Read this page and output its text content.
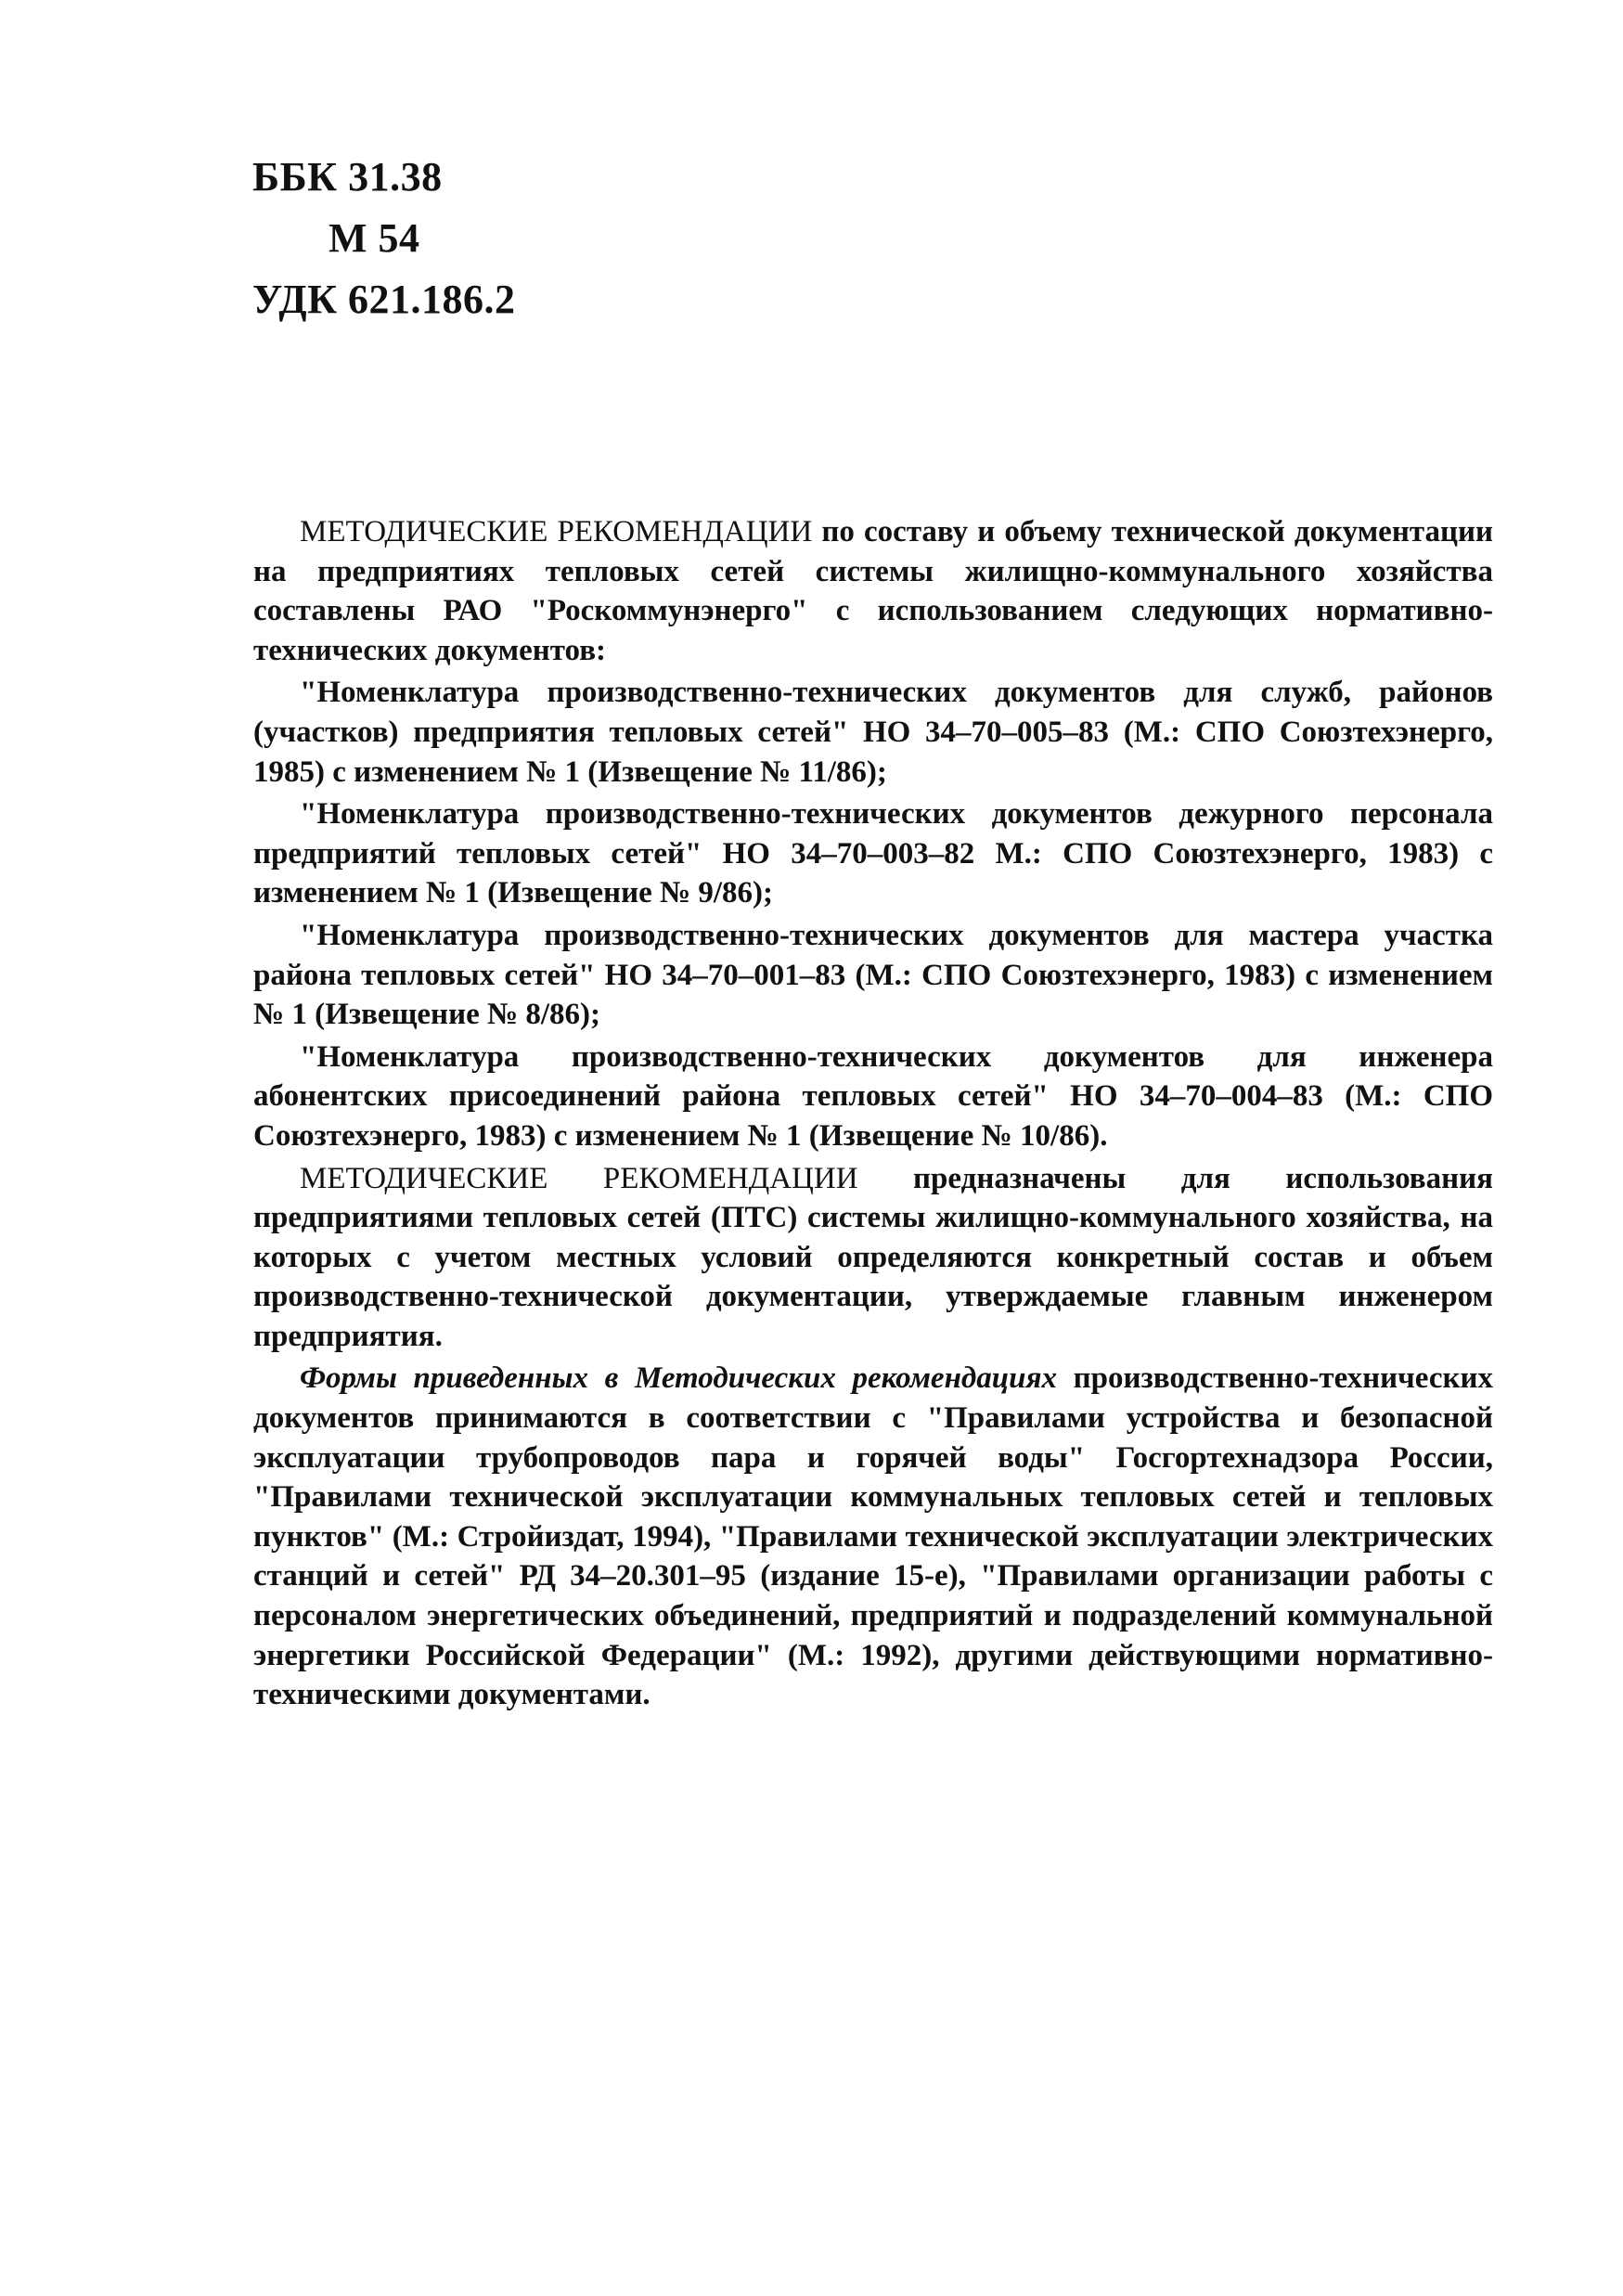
ББК 31.38
М 54
УДК 621.186.2

МЕТОДИЧЕСКИЕ РЕКОМЕНДАЦИИ по составу и объему технической документации на предприятиях тепловых сетей системы жилищно-коммунального хозяйства составлены РАО "Роскоммунэнерго" с использованием следующих нормативно-технических документов:

"Номенклатура производственно-технических документов для служб, районов (участков) предприятия тепловых сетей" НО 34–70–005–83 (М.: СПО Союзтехэнерго, 1985) с изменением № 1 (Извещение № 11/86);

"Номенклатура производственно-технических документов дежурного персонала предприятий тепловых сетей" НО 34–70–003–82 М.: СПО Союзтехэнерго, 1983) с изменением № 1 (Извещение № 9/86);

"Номенклатура производственно-технических документов для мастера участка района тепловых сетей" НО 34–70–001–83 (М.: СПО Союзтехэнерго, 1983) с изменением № 1 (Извещение № 8/86);

"Номенклатура производственно-технических документов для инженера абонентских присоединений района тепловых сетей" НО 34–70–004–83 (М.: СПО Союзтехэнерго, 1983) с изменением № 1 (Извещение № 10/86).

МЕТОДИЧЕСКИЕ РЕКОМЕНДАЦИИ предназначены для использования предприятиями тепловых сетей (ПТС) системы жилищно-коммунального хозяйства, на которых с учетом местных условий определяются конкретный состав и объем производственно-технической документации, утверждаемые главным инженером предприятия.

Формы приведенных в Методических рекомендациях производственно-технических документов принимаются в соответствии с "Правилами устройства и безопасной эксплуатации трубопроводов пара и горячей воды" Госгортехнадзора России, "Правилами технической эксплуатации коммунальных тепловых сетей и тепловых пунктов" (М.: Стройиздат, 1994), "Правилами технической эксплуатации электрических станций и сетей" РД 34–20.301–95 (издание 15-е), "Правилами организации работы с персоналом энергетических объединений, предприятий и подразделений коммунальной энергетики Российской Федерации" (М.: 1992), другими действующими нормативно-техническими документами.
